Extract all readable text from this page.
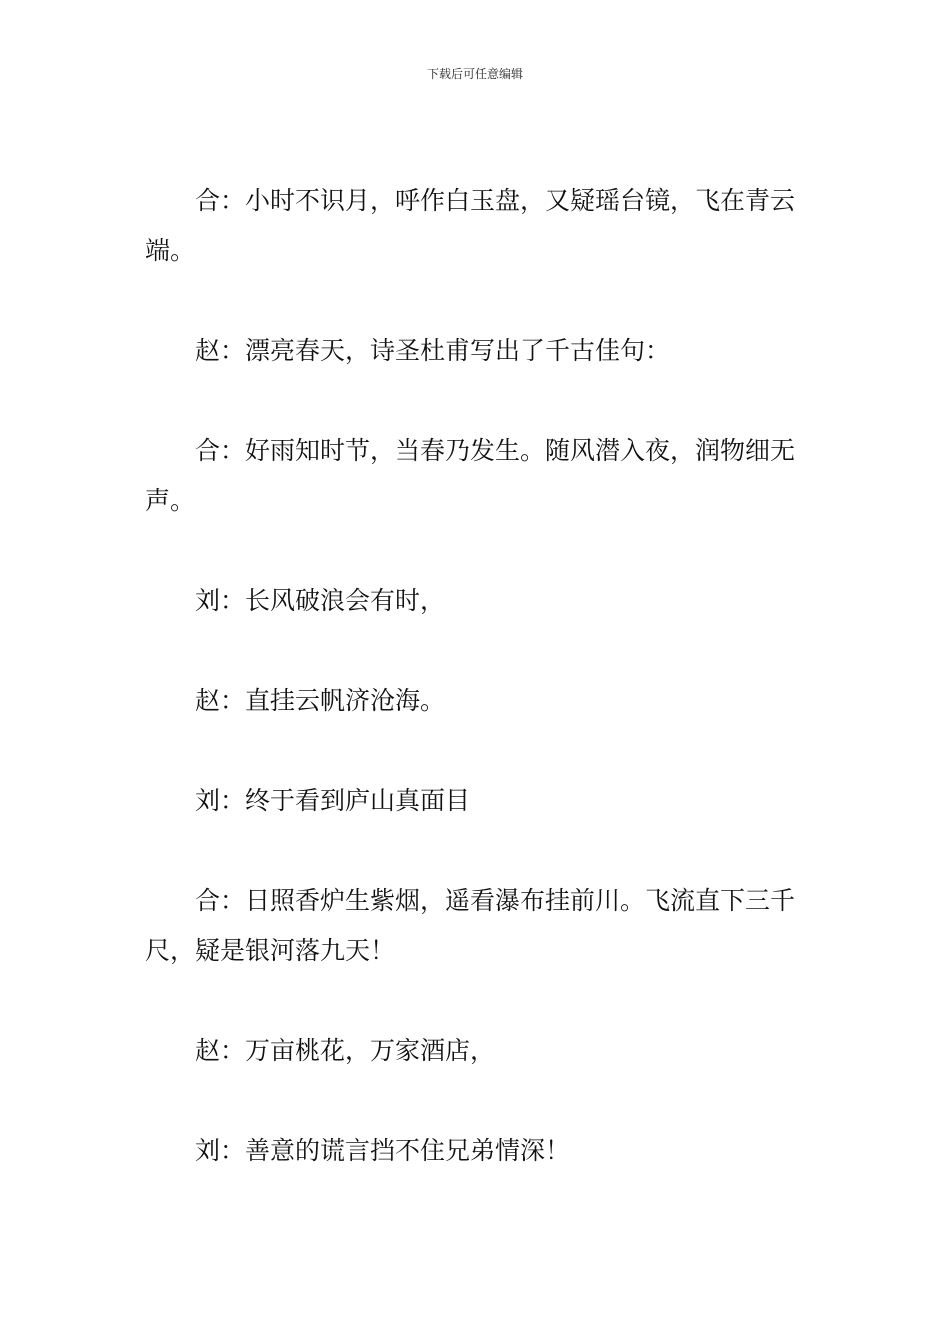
下载后可任意编辑

合：小时不识月，呼作白玉盘，又疑瑶台镜，飞在青云端。

赵：漂亮春天，诗圣杜甫写出了千古佳句：

合：好雨知时节，当春乃发生。随风潜入夜，润物细无声。

刘：长风破浪会有时，

赵：直挂云帆济沧海。

刘：终于看到庐山真面目

合：日照香炉生紫烟，遥看瀑布挂前川。飞流直下三千尺，疑是银河落九天！

赵：万亩桃花，万家酒店，

刘：善意的谎言挡不住兄弟情深！
